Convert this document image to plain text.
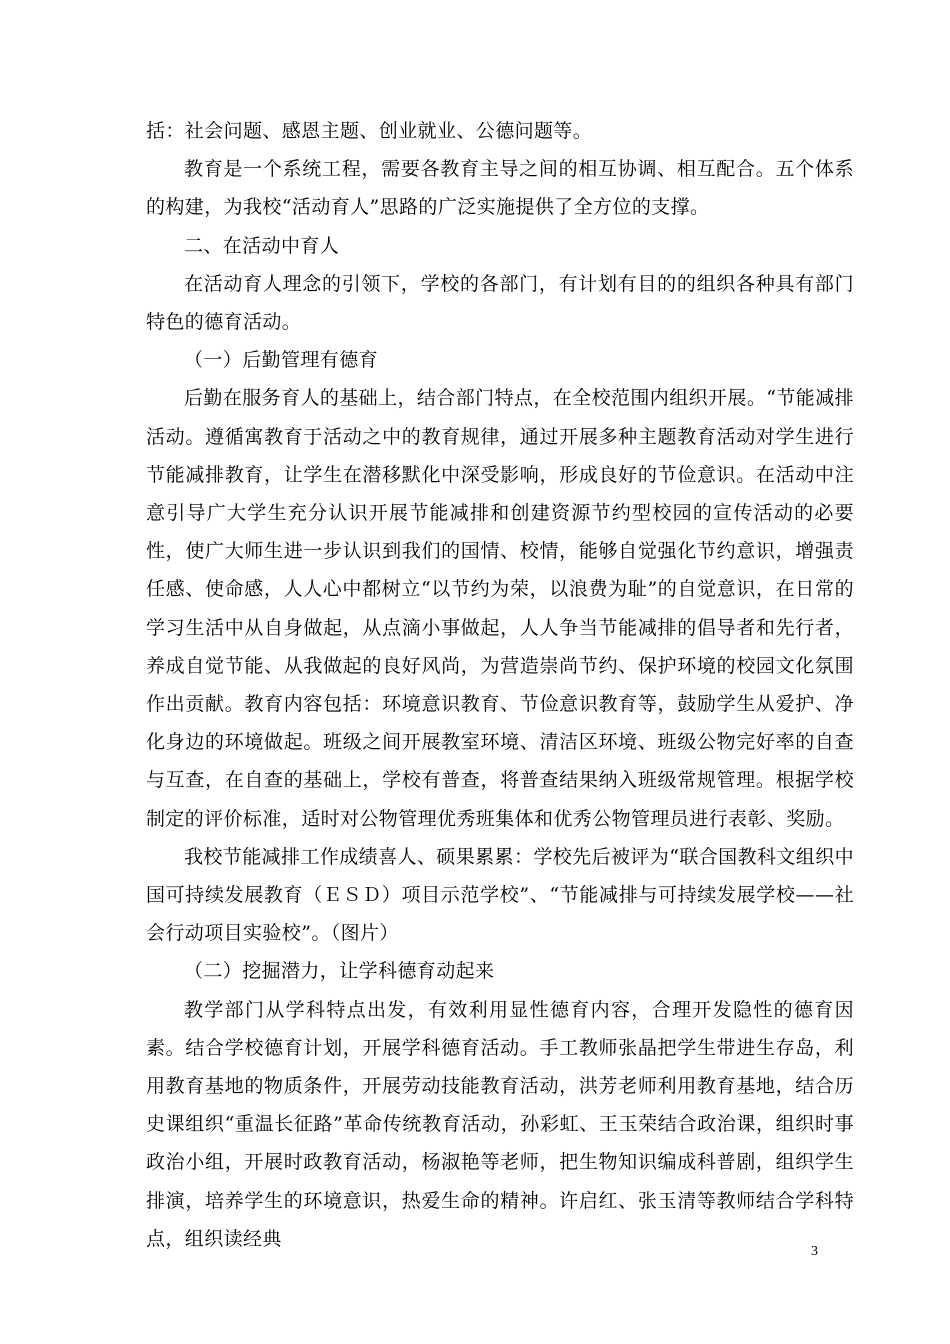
括：社会问题、感恩主题、创业就业、公德问题等。

教育是一个系统工程，需要各教育主导之间的相互协调、相互配合。五个体系的构建，为我校“活动育人”思路的广泛实施提供了全方位的支撑。

二、在活动中育人

在活动育人理念的引领下，学校的各部门，有计划有目的的组织各种具有部门特色的德育活动。

（一）后勤管理有德育

后勤在服务育人的基础上，结合部门特点，在全校范围内组织开展。“节能减排活动。遵循寓教育于活动之中的教育规律，通过开展多种主题教育活动对学生进行节能减排教育，让学生在潜移默化中深受影响，形成良好的节俭意识。在活动中注意引导广大学生充分认识开展节能减排和创建资源节约型校园的宣传活动的必要性，使广大师生进一步认识到我们的国情、校情，能够自觉强化节约意识，增强责任感、使命感，人人心中都树立“以节约为荣，以浪费为耻”的自觉意识，在日常的学习生活中从自身做起，从点滴小事做起，人人争当节能减排的倡导者和先行者，养成自觉节能、从我做起的良好风尚，为营造崇尚节约、保护环境的校园文化氛围作出贡献。教育内容包括：环境意识教育、节俭意识教育等，鼓励学生从爱护、净化身边的环境做起。班级之间开展教室环境、清洁区环境、班级公物完好率的自查与互查，在自查的基础上，学校有普查，将普查结果纳入班级常规管理。根据学校制定的评价标准，适时对公物管理优秀班集体和优秀公物管理员进行表彰、奖励。

我校节能减排工作成绩喜人、硕果累累：学校先后被评为“联合国教科文组织中国可持续发展教育（ＥＳＤ）项目示范学校”、“节能减排与可持续发展学校——社会行动项目实验校”。（图片）

（二）挖掘潜力，让学科德育动起来

教学部门从学科特点出发，有效利用显性德育内容，合理开发隐性的德育因素。结合学校德育计划，开展学科德育活动。手工教师张晶把学生带进生存岛，利用教育基地的物质条件，开展劳动技能教育活动，洪芳老师利用教育基地，结合历史课组织“重温长征路”革命传统教育活动，孙彩虹、王玉荣结合政治课，组织时事政治小组，开展时政教育活动，杨淑艳等老师，把生物知识编成科普剧，组织学生排演，培养学生的环境意识，热爱生命的精神。许启红、张玉清等教师结合学科特点，组织读经典

3
